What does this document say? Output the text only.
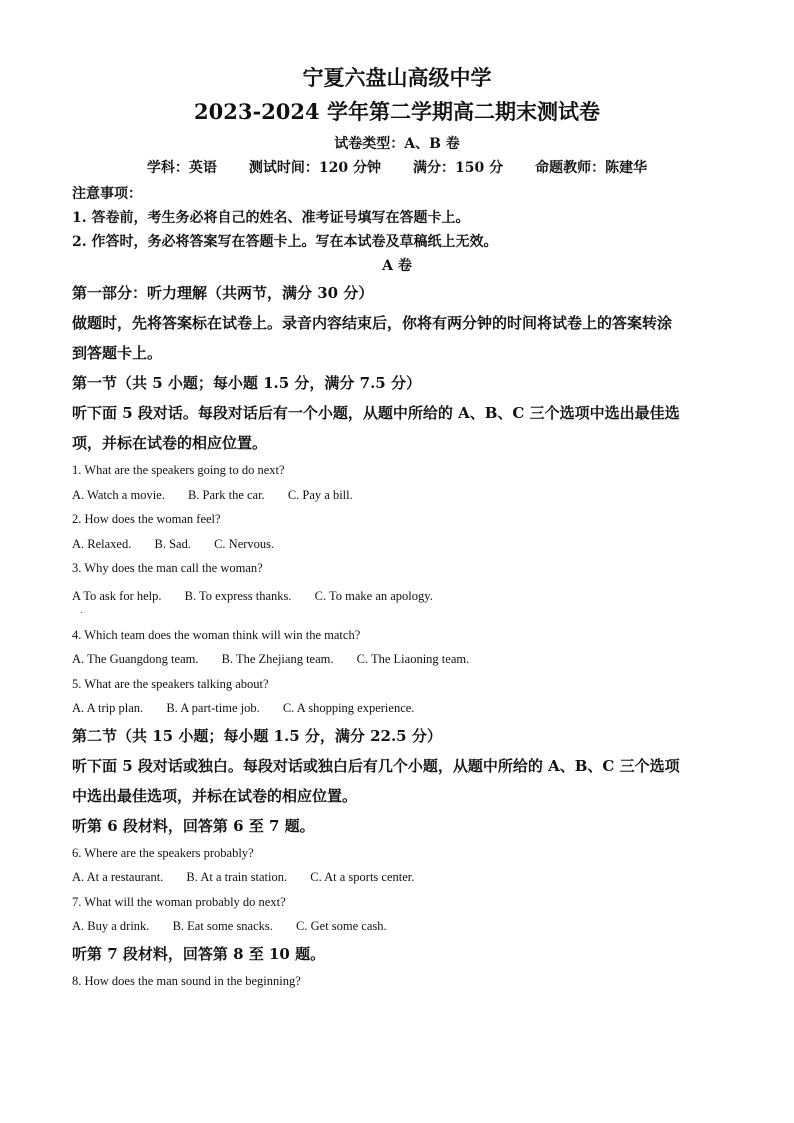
宁夏六盘山高级中学
2023-2024 学年第二学期高二期末测试卷
试卷类型：A、B 卷
学科：英语 测试时间：120 分钟 满分：150 分 命题教师：陈建华
注意事项：
1. 答卷前，考生务必将自己的姓名、准考证号填写在答题卡上。
2. 作答时，务必将答案写在答题卡上。写在本试卷及草稿纸上无效。
A 卷
第一部分：听力理解（共两节，满分 30 分）
做题时，先将答案标在试卷上。录音内容结束后，你将有两分钟的时间将试卷上的答案转涂
到答题卡上。
第一节（共 5 小题；每小题 1.5 分，满分 7.5 分）
听下面 5 段对话。每段对话后有一个小题，从题中所给的 A、B、C 三个选项中选出最佳选
项，并标在试卷的相应位置。
1. What are the speakers going to do next?
A. Watch a movie. B. Park the car. C. Pay a bill.
2. How does the woman feel?
A. Relaxed. B. Sad. C. Nervous.
3. Why does the man call the woman?
A To ask for help. B. To express thanks. C. To make an apology.
.
4. Which team does the woman think will win the match?
A. The Guangdong team. B. The Zhejiang team. C. The Liaoning team.
5. What are the speakers talking about?
A. A trip plan. B. A part-time job. C. A shopping experience.
第二节（共 15 小题；每小题 1.5 分，满分 22.5 分）
听下面 5 段对话或独白。每段对话或独白后有几个小题，从题中所给的 A、B、C 三个选项
中选出最佳选项，并标在试卷的相应位置。
听第 6 段材料，回答第 6 至 7 题。
6. Where are the speakers probably?
A. At a restaurant. B. At a train station. C. At a sports center.
7. What will the woman probably do next?
A. Buy a drink. B. Eat some snacks. C. Get some cash.
听第 7 段材料，回答第 8 至 10 题。
8. How does the man sound in the beginning?
